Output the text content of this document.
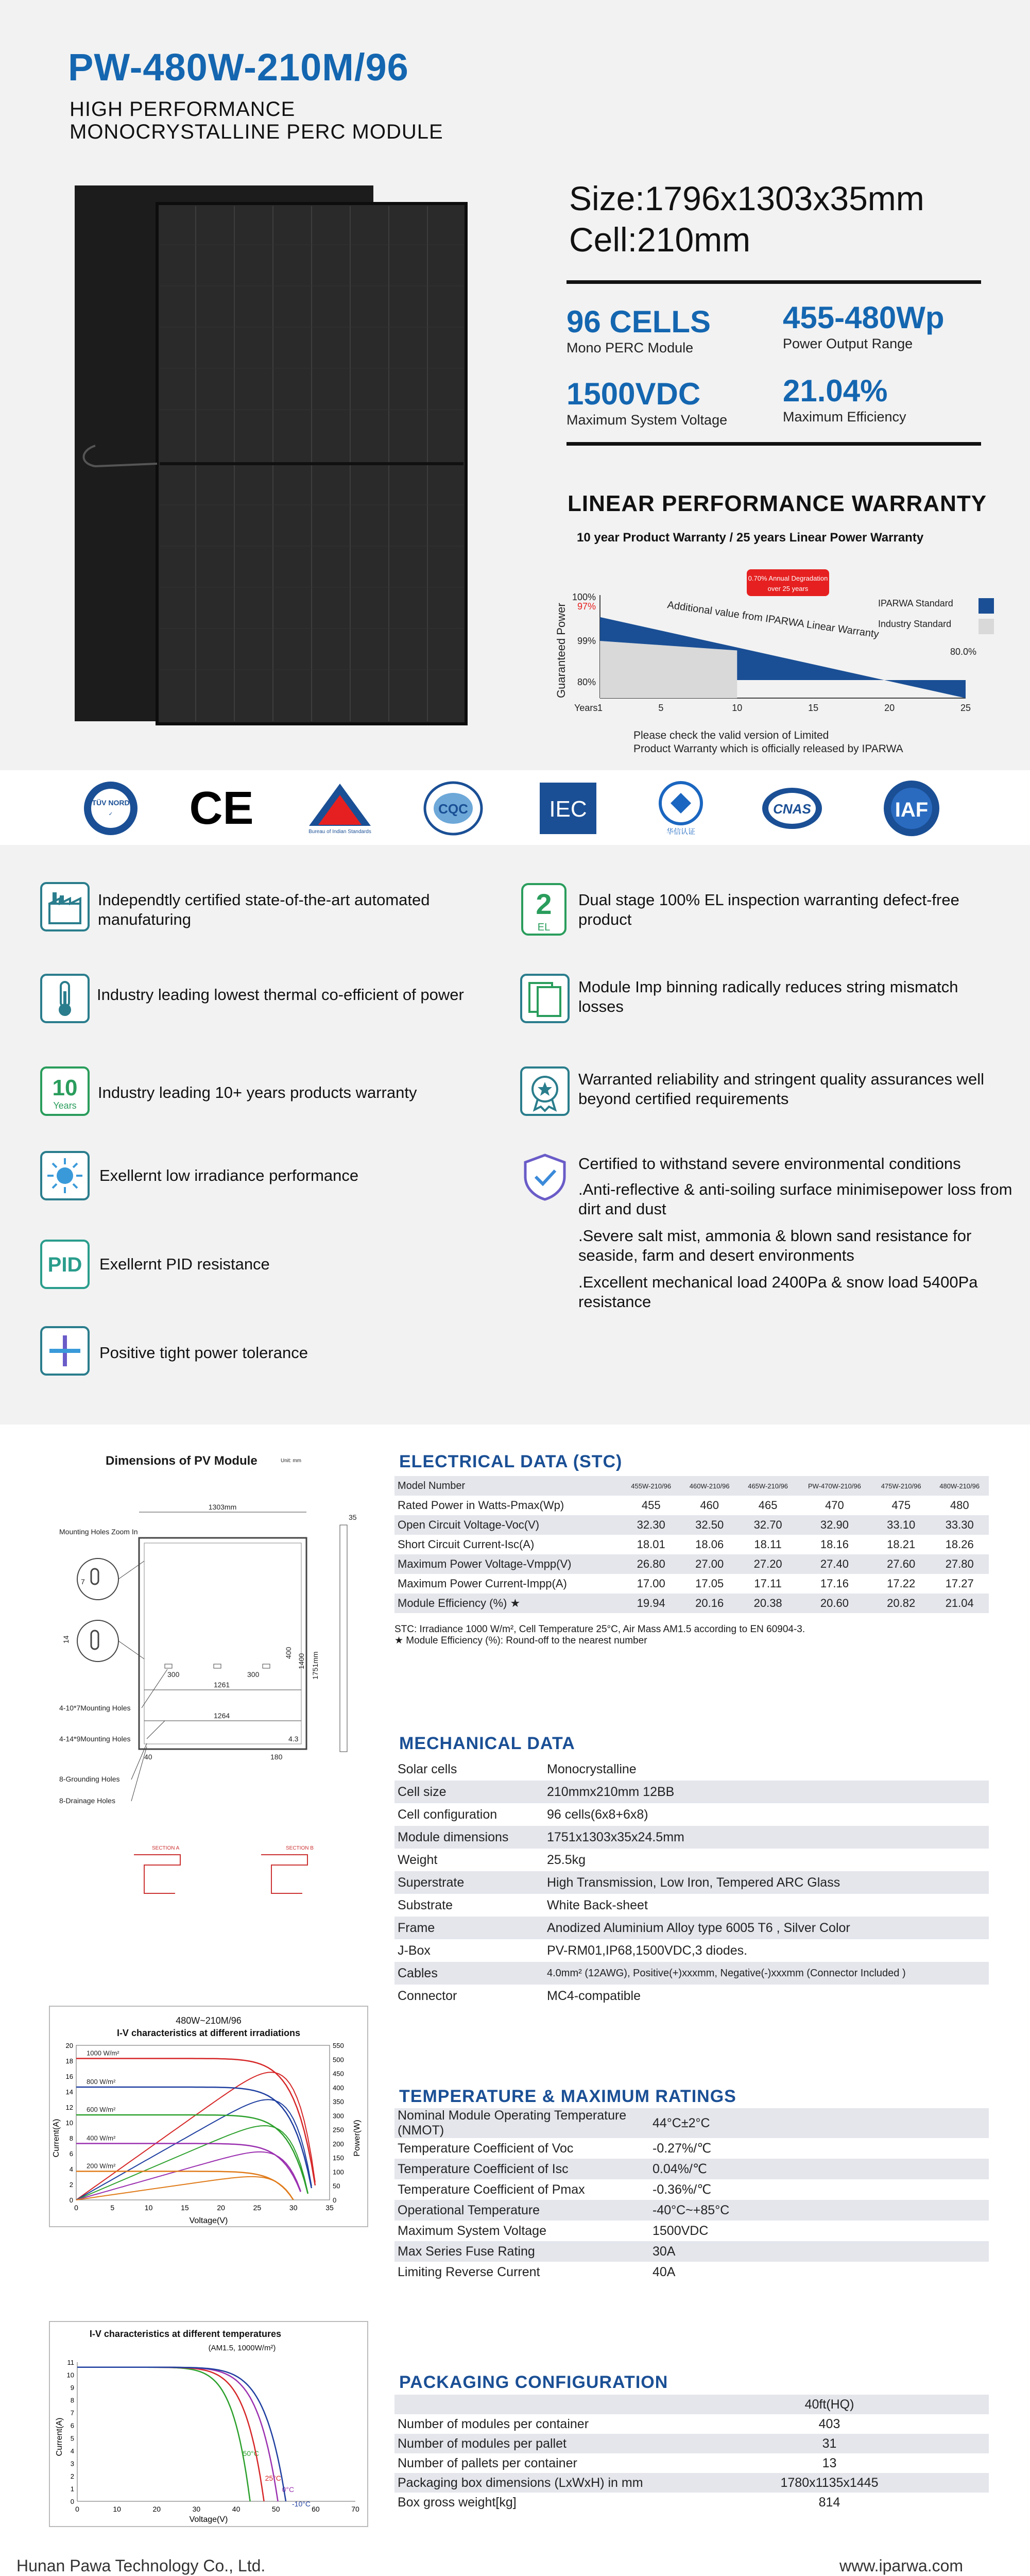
PW-480W-210M/96
HIGH PERFORMANCE
MONOCRYSTALLINE PERC MODULE
Size:1796x1303x35mm
Cell:210mm
96 CELLS
Mono PERC Module
455-480Wp
Power Output Range
1500VDC
Maximum System Voltage
21.04%
Maximum Efficiency
LINEAR PERFORMANCE WARRANTY
10 year Product Warranty / 25 years Linear Power Warranty
Guaranteed Power
100%
97%
99%
80%
1	5	10	15	20	25
Years
0.70% Annual Degradation
over 25 years
Additional value from IPARWA Linear Warranty
IPARWA Standard
Industry Standard
80.0%
Please check the valid version of Limited
Product Warranty which is officially released by IPARWA
TÜV NORD
✓ CE	Bureau of Indian Standards
CQC	IEC
华信认证
CNAS	IAF
Independtly certified state-of-the-art automated manufaturing	2
EL
Dual stage 100% EL inspection warranting defect-free product
Industry leading lowest thermal co-efficient of power	Module Imp binning radically reduces string mismatch losses
10
Years
Industry leading 10+ years products warranty
Warranted reliability and stringent quality assurances well beyond certified requirements
Exellernt low irradiance performance
Certified to withstand severe environmental conditions
.Anti-reflective & anti-soiling surface minimisepower loss from dirt and dust
.Severe salt mist, ammonia & blown sand resistance for seaside, farm and desert environments
.Excellent mechanical load 2400Pa & snow load 5400Pa resistance
PID Exellernt PID resistance
Positive tight power tolerance
Dimensions of PV Module	Unit: mm
1303mm
35
Mounting Holes Zoom In
14
7
300	300
1261
1264
400
1400 1751mm
4.3
40	180
4-10*7Mounting Holes
4-14*9Mounting Holes
8-Grounding Holes
8-Drainage Holes
SECTION A	SECTION B
ELECTRICAL DATA (STC)
Model Number	455W-210/96	460W-210/96	465W-210/96	PW-470W-210/96	475W-210/96	480W-210/96
Rated Power in Watts-Pmax(Wp)	455	460	465	470	475	480
Open Circuit Voltage-Voc(V)	32.30	32.50	32.70	32.90	33.10	33.30
Short Circuit Current-Isc(A)	18.01	18.06	18.11	18.16	18.21	18.26
Maximum Power Voltage-Vmpp(V)	26.80	27.00	27.20	27.40	27.60	27.80
Maximum Power Current-Impp(A)	17.00	17.05	17.11	17.16	17.22	17.27
Module Efficiency (%) ★	19.94	20.16	20.38	20.60	20.82	21.04
STC: Irradiance 1000 W/m², Cell Temperature 25°C, Air Mass AM1.5 according to EN 60904-3.
★ Module Efficiency (%): Round-off to the nearest number
MECHANICAL DATA
Solar cells	Monocrystalline
Cell size	210mmx210mm 12BB
Cell configuration	96 cells(6x8+6x8)
Module dimensions	1751x1303x35x24.5mm
Weight	25.5kg
Superstrate	High Transmission, Low Iron, Tempered ARC Glass
Substrate	White Back-sheet
Frame	Anodized Aluminium Alloy type 6005 T6 , Silver Color
J-Box	PV-RM01,IP68,1500VDC,3 diodes.
Cables	4.0mm² (12AWG), Positive(+)xxxmm, Negative(-)xxxmm (Connector Included )
Connector	MC4-compatible
480W~210M/96
I-V characteristics at different irradiations
0	5	10	15	20	25	30	35
0
2
4
6
8
10
12
14
16
18
20
0
50
100
150
200
250
300
350
400
450
500
550
1000 W/m²
800 W/m²
600 W/m²
400 W/m²
200 W/m²
Voltage(V)
Current(A)	Power(W)
TEMPERATURE & MAXIMUM RATINGS
Nominal Module Operating Temperature (NMOT)	44°C±2°C
Temperature Coefficient of Voc	-0.27%/℃
Temperature Coefficient of Isc	0.04%/℃
Temperature Coefficient of Pmax	-0.36%/℃
Operational Temperature	-40°C~+85°C
Maximum System Voltage	1500VDC
Max Series Fuse Rating	30A
Limiting Reverse Current	40A
I-V characteristics at different temperatures
(AM1.5, 1000W/m²)
0	10	20	30	40	50	60	70
0
1
2
3
4
5
6
7
8
9
10
11
50°C
25°C
0°C
-10°C
Voltage(V)
Current(A)
PACKAGING CONFIGURATION
	40ft(HQ)
Number of modules per container	403
Number of modules per pallet	31
Number of pallets per container	13
Packaging box dimensions (LxWxH) in mm	1780x1135x1445
Box gross weight[kg]	814
Hunan Pawa Technology Co., Ltd.	www.iparwa.com
